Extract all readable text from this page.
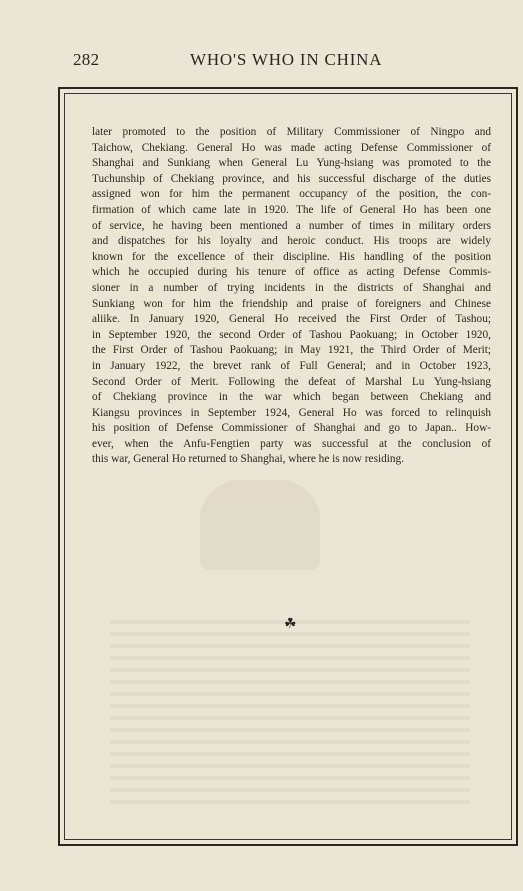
282	WHO'S WHO IN CHINA
later promoted to the position of Military Commissioner of Ningpo and
Taichow, Chekiang. General Ho was made acting Defense Commissioner of
Shanghai and Sunkiang when General Lu Yung-hsiang was promoted to the
Tuchunship of Chekiang province, and his successful discharge of the duties
assigned won for him the permanent occupancy of the position, the con-
firmation of which came late in 1920. The life of General Ho has been one
of service, he having been mentioned a number of times in military orders
and dispatches for his loyalty and heroic conduct. His troops are widely
known for the excellence of their discipline. His handling of the position
which he occupied during his tenure of office as acting Defense Commis-
sioner in a number of trying incidents in the districts of Shanghai and
Sunkiang won for him the friendship and praise of foreigners and Chinese
aliike. In January 1920, General Ho received the First Order of Tashou;
in September 1920, the second Order of Tashou Paokuang; in October 1920,
the First Order of Tashou Paokuang; in May 1921, the Third Order of Merit;
in January 1922, the brevet rank of Full General; and in October 1923,
Second Order of Merit. Following the defeat of Marshal Lu Yung-hsiang
of Chekiang province in the war which began between Chekiang and
Kiangsu provinces in September 1924, General Ho was forced to relinquish
his position of Defense Commissioner of Shanghai and go to Japan.. How-
ever, when the Anfu-Fengtien party was successful at the conclusion of
this war, General Ho returned to Shanghai, where he is now residing.
☘
